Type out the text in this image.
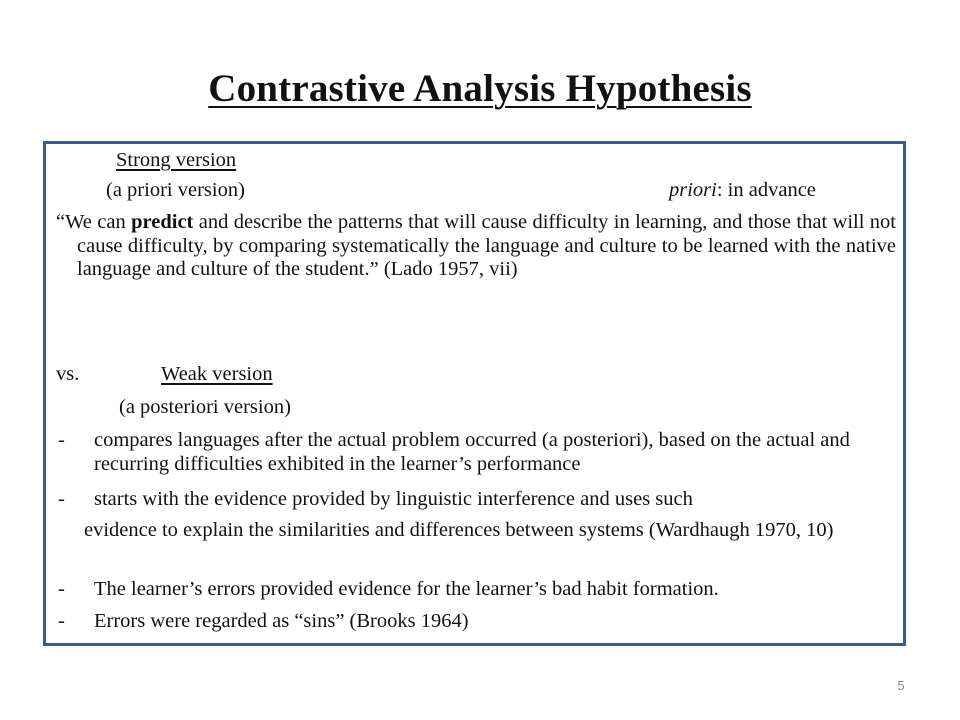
Contrastive Analysis Hypothesis
Strong version
(a priori version)	priori: in advance
“We can predict and describe the patterns that will cause difficulty in learning, and those that will not cause difficulty, by comparing systematically the language and culture to be learned with the native language and culture of the student.” (Lado 1957, vii)
vs.	Weak version
(a posteriori version)
- compares languages after the actual problem occurred (a posteriori), based on the actual and recurring difficulties exhibited in the learner’s performance
- starts with the evidence provided by linguistic interference and uses such
evidence to explain the similarities and differences between systems (Wardhaugh 1970, 10)
- The learner’s errors provided evidence for the learner’s bad habit formation.
- Errors were regarded as “sins” (Brooks 1964)
5
